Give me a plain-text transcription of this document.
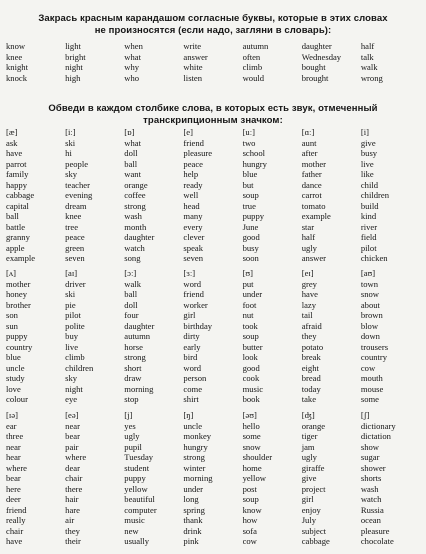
Закрась красным карандашом согласные буквы, которые в этих словах
не произносятся (если надо, загляни в словарь):
know
knee
knight
knock
light
bright
night
high
when
what
why
who
write
answer
white
listen
autumn
often
climb
would
daughter
Wednesday
bought
brought
half
talk
walk
wrong
Обведи в каждом столбике слова, в которых есть звук, отмеченный
транскрипционным значком:
[æ]
ask
have
parrot
family
happy
cabbage
capital
ball
battle
granny
apple
example
[iː]
ski
hi
people
sky
teacher
evening
dream
knee
tree
peace
green
seven
[ɒ]
what
doll
ball
want
orange
coffee
strong
wash
month
daughter
watch
song
[e]
friend
pleasure
peace
help
ready
well
head
many
every
clever
speak
seven
[uː]
two
school
hungry
blue
but
soup
true
puppy
June
good
busy
soon
[ɑː]
aunt
after
mother
father
dance
carrot
tomato
example
star
half
ugly
answer
[i]
give
busy
live
like
child
children
build
kind
river
field
pilot
chicken
[ʌ]
mother
honey
brother
son
sun
puppy
country
blue
uncle
study
love
colour
[aɪ]
driver
ski
pie
pilot
polite
buy
live
climb
children
sky
night
eye
[ɔː]
walk
ball
doll
four
daughter
autumn
horse
strong
short
draw
morning
stop
[ɜː]
word
friend
worker
girl
birthday
dirty
early
bird
word
person
come
shirt
[ʊ]
put
under
foot
nut
took
soup
butter
look
good
cook
music
book
[eɪ]
grey
have
lazy
tail
afraid
they
potato
break
eight
bread
today
take
[aʊ]
town
snow
about
brown
blow
down
trousers
country
cow
mouth
mouse
some
[ɪə]
ear
three
near
hear
where
bear
here
deer
friend
really
chair
have
[eə]
near
bear
pair
where
dear
chair
there
hair
hare
air
they
their
[j]
yes
ugly
pupil
Tuesday
student
puppy
yellow
beautiful
computer
music
new
usually
[ŋ]
uncle
monkey
hungry
strong
winter
morning
under
long
spring
thank
drink
pink
[əʊ]
hello
some
snow
shoulder
home
yellow
post
soup
know
how
sofa
cow
[ʤ]
orange
tiger
jam
ugly
giraffe
give
project
girl
enjoy
July
subject
cabbage
[ʃ]
dictionary
dictation
show
sugar
shower
shorts
wash
watch
Russia
ocean
pleasure
chocolate
